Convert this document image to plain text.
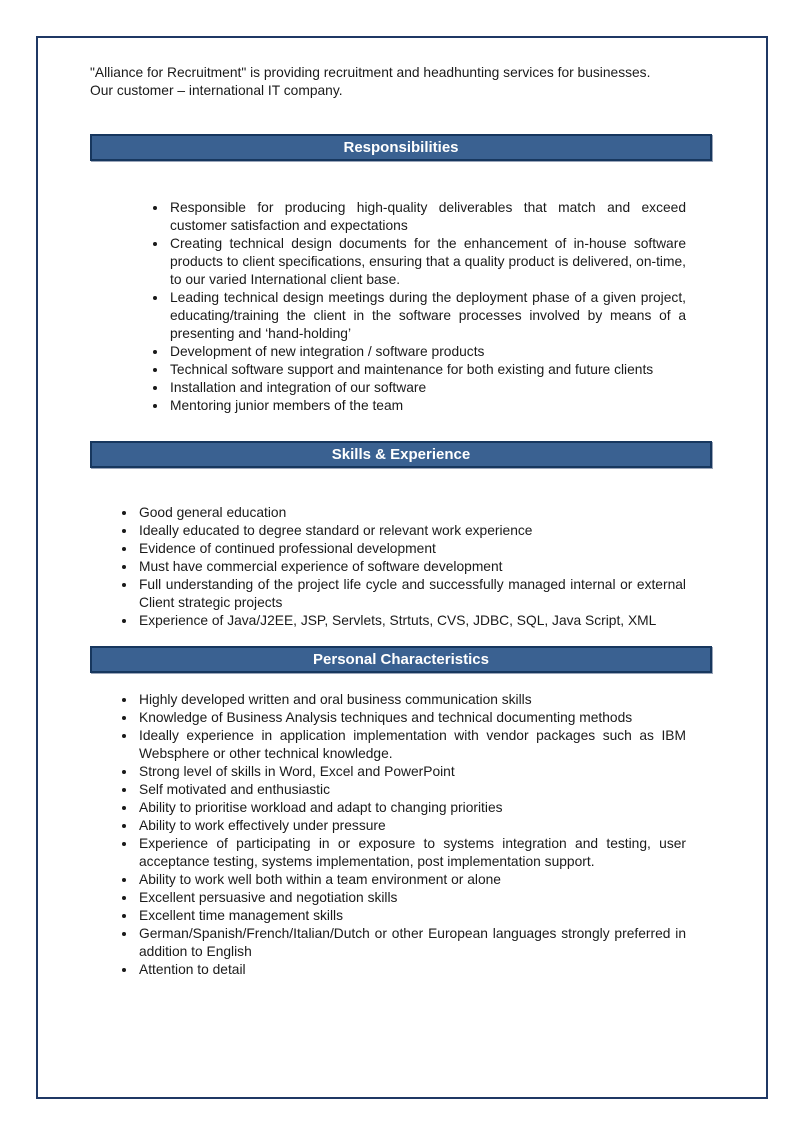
"Alliance for Recruitment" is providing recruitment and headhunting services for businesses.

Our customer – international IT company.

Responsibilities
• Responsible for producing high-quality deliverables that match and exceed customer satisfaction and expectations
• Creating technical design documents for the enhancement of in-house software products to client specifications, ensuring that a quality product is delivered, on-time, to our varied International client base.
• Leading technical design meetings during the deployment phase of a given project, educating/training the client in the software processes involved by means of a presenting and ‘hand-holding’
• Development of new integration / software products
• Technical software support and maintenance for both existing and future clients
• Installation and integration of our software
• Mentoring junior members of the team
Skills & Experience
• Good general education
• Ideally educated to degree standard or relevant work experience
• Evidence of continued professional development
• Must have commercial experience of software development
• Full understanding of the project life cycle and successfully managed internal or external Client strategic projects
• Experience of Java/J2EE, JSP, Servlets, Strtuts, CVS, JDBC, SQL, Java Script, XML
Personal Characteristics
• Highly developed written and oral business communication skills
• Knowledge of Business Analysis techniques and technical documenting methods
• Ideally experience in application implementation with vendor packages such as IBM Websphere or other technical knowledge.
• Strong level of skills in Word, Excel and PowerPoint
• Self motivated and enthusiastic
• Ability to prioritise workload and adapt to changing priorities
• Ability to work effectively under pressure
• Experience of participating in or exposure to systems integration and testing, user acceptance testing, systems implementation, post implementation support.
• Ability to work well both within a team environment or alone
• Excellent persuasive and negotiation skills
• Excellent time management skills
• German/Spanish/French/Italian/Dutch or other European languages strongly preferred in addition to English
• Attention to detail
